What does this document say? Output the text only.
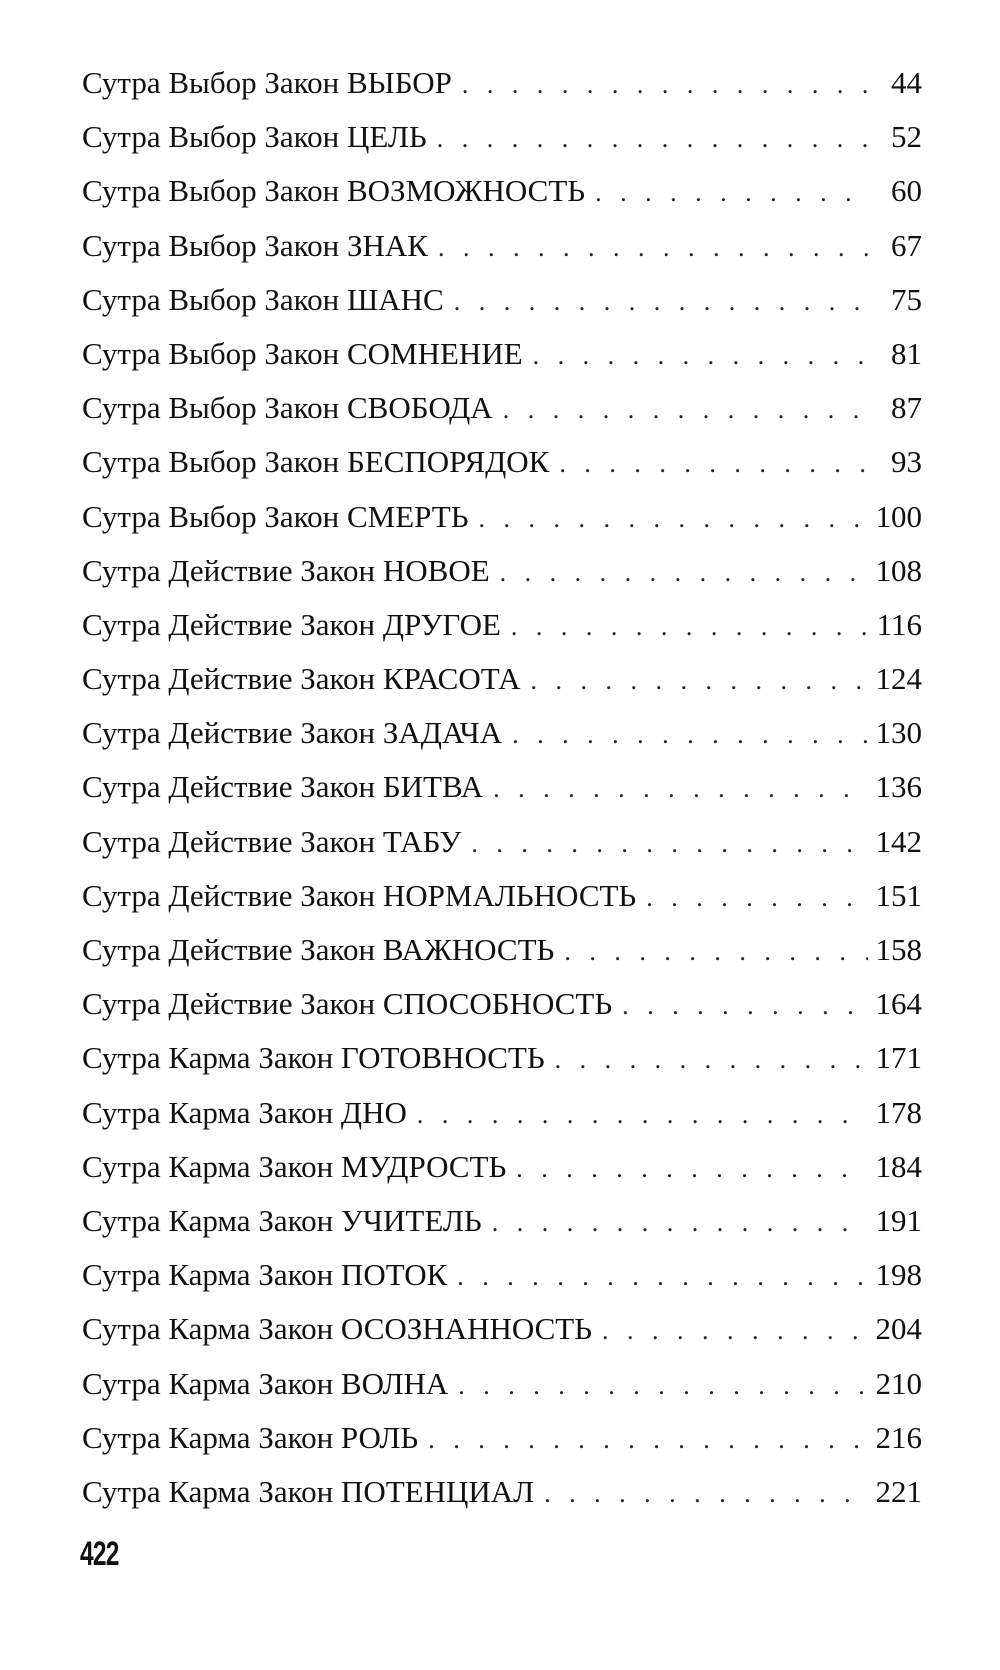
Сутра Выбор Закон ВЫБОР . . .	44
Сутра Выбор Закон ЦЕЛЬ . . .	52
Сутра Выбор Закон ВОЗМОЖНОСТЬ . . .	60
Сутра Выбор Закон ЗНАК . . .	67
Сутра Выбор Закон ШАНС . . .	75
Сутра Выбор Закон СОМНЕНИЕ . . .	81
Сутра Выбор Закон СВОБОДА . . .	87
Сутра Выбор Закон БЕСПОРЯДОК . . .	93
Сутра Выбор Закон СМЕРТЬ . . .	100
Сутра Действие Закон НОВОЕ . . .	108
Сутра Действие Закон ДРУГОЕ . . .	116
Сутра Действие Закон КРАСОТА . . .	124
Сутра Действие Закон ЗАДАЧА . . .	130
Сутра Действие Закон БИТВА . . .	136
Сутра Действие Закон ТАБУ . . .	142
Сутра Действие Закон НОРМАЛЬНОСТЬ . . .	151
Сутра Действие Закон ВАЖНОСТЬ . . .	158
Сутра Действие Закон СПОСОБНОСТЬ . . .	164
Сутра Карма Закон ГОТОВНОСТЬ . . .	171
Сутра Карма Закон ДНО . . .	178
Сутра Карма Закон МУДРОСТЬ . . .	184
Сутра Карма Закон УЧИТЕЛЬ . . .	191
Сутра Карма Закон ПОТОК . . .	198
Сутра Карма Закон ОСОЗНАННОСТЬ . . .	204
Сутра Карма Закон ВОЛНА . . .	210
Сутра Карма Закон РОЛЬ . . .	216
Сутра Карма Закон ПОТЕНЦИАЛ . . .	221
422
